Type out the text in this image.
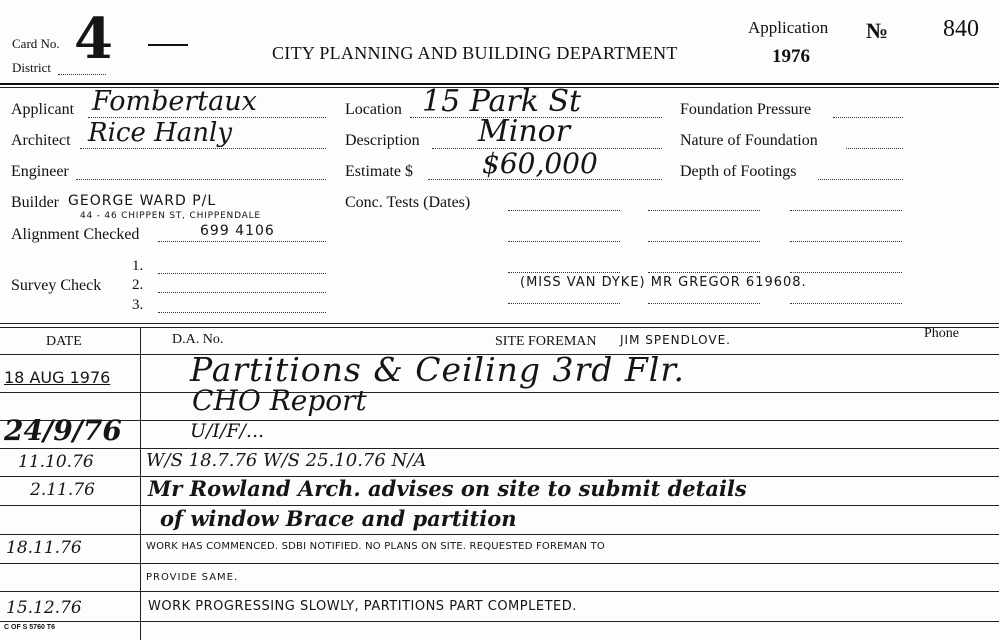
Card No. 4
District
CITY PLANNING AND BUILDING DEPARTMENT
Application
1976
№ 840
Applicant Fombertaux
Architect Rice Hanly
Engineer
Builder GEORGE WARD P/L
44 - 46 CHIPPEN ST, CHIPPENDALE
Alignment Checked	699 4106
Survey Check
1.
2.
3.
Location 15 Park St
Description Minor
Estimate $ $60,000
Conc. Tests (Dates)
Foundation Pressure
Nature of Foundation
Depth of Footings
(MISS VAN DYKE) MR GREGOR 619608.
DATE	D.A. No.	SITE FOREMAN JIM SPENDLOVE.	Phone
18 AUG 1976 Partitions & Ceiling 3rd Flr.
CHO Report
24/9/76	U/I/F/...
11.10.76	W/S 18.7.76 W/S 25.10.76 N/A
2.11.76	Mr Rowland Arch. advises on site to submit details
of window Brace and partition
18.11.76	WORK HAS COMMENCED. SDBI NOTIFIED. NO PLANS ON SITE. REQUESTED FOREMAN TO
PROVIDE SAME.
15.12.76	WORK PROGRESSING SLOWLY, PARTITIONS PART COMPLETED.
C OF S 5760 T6
